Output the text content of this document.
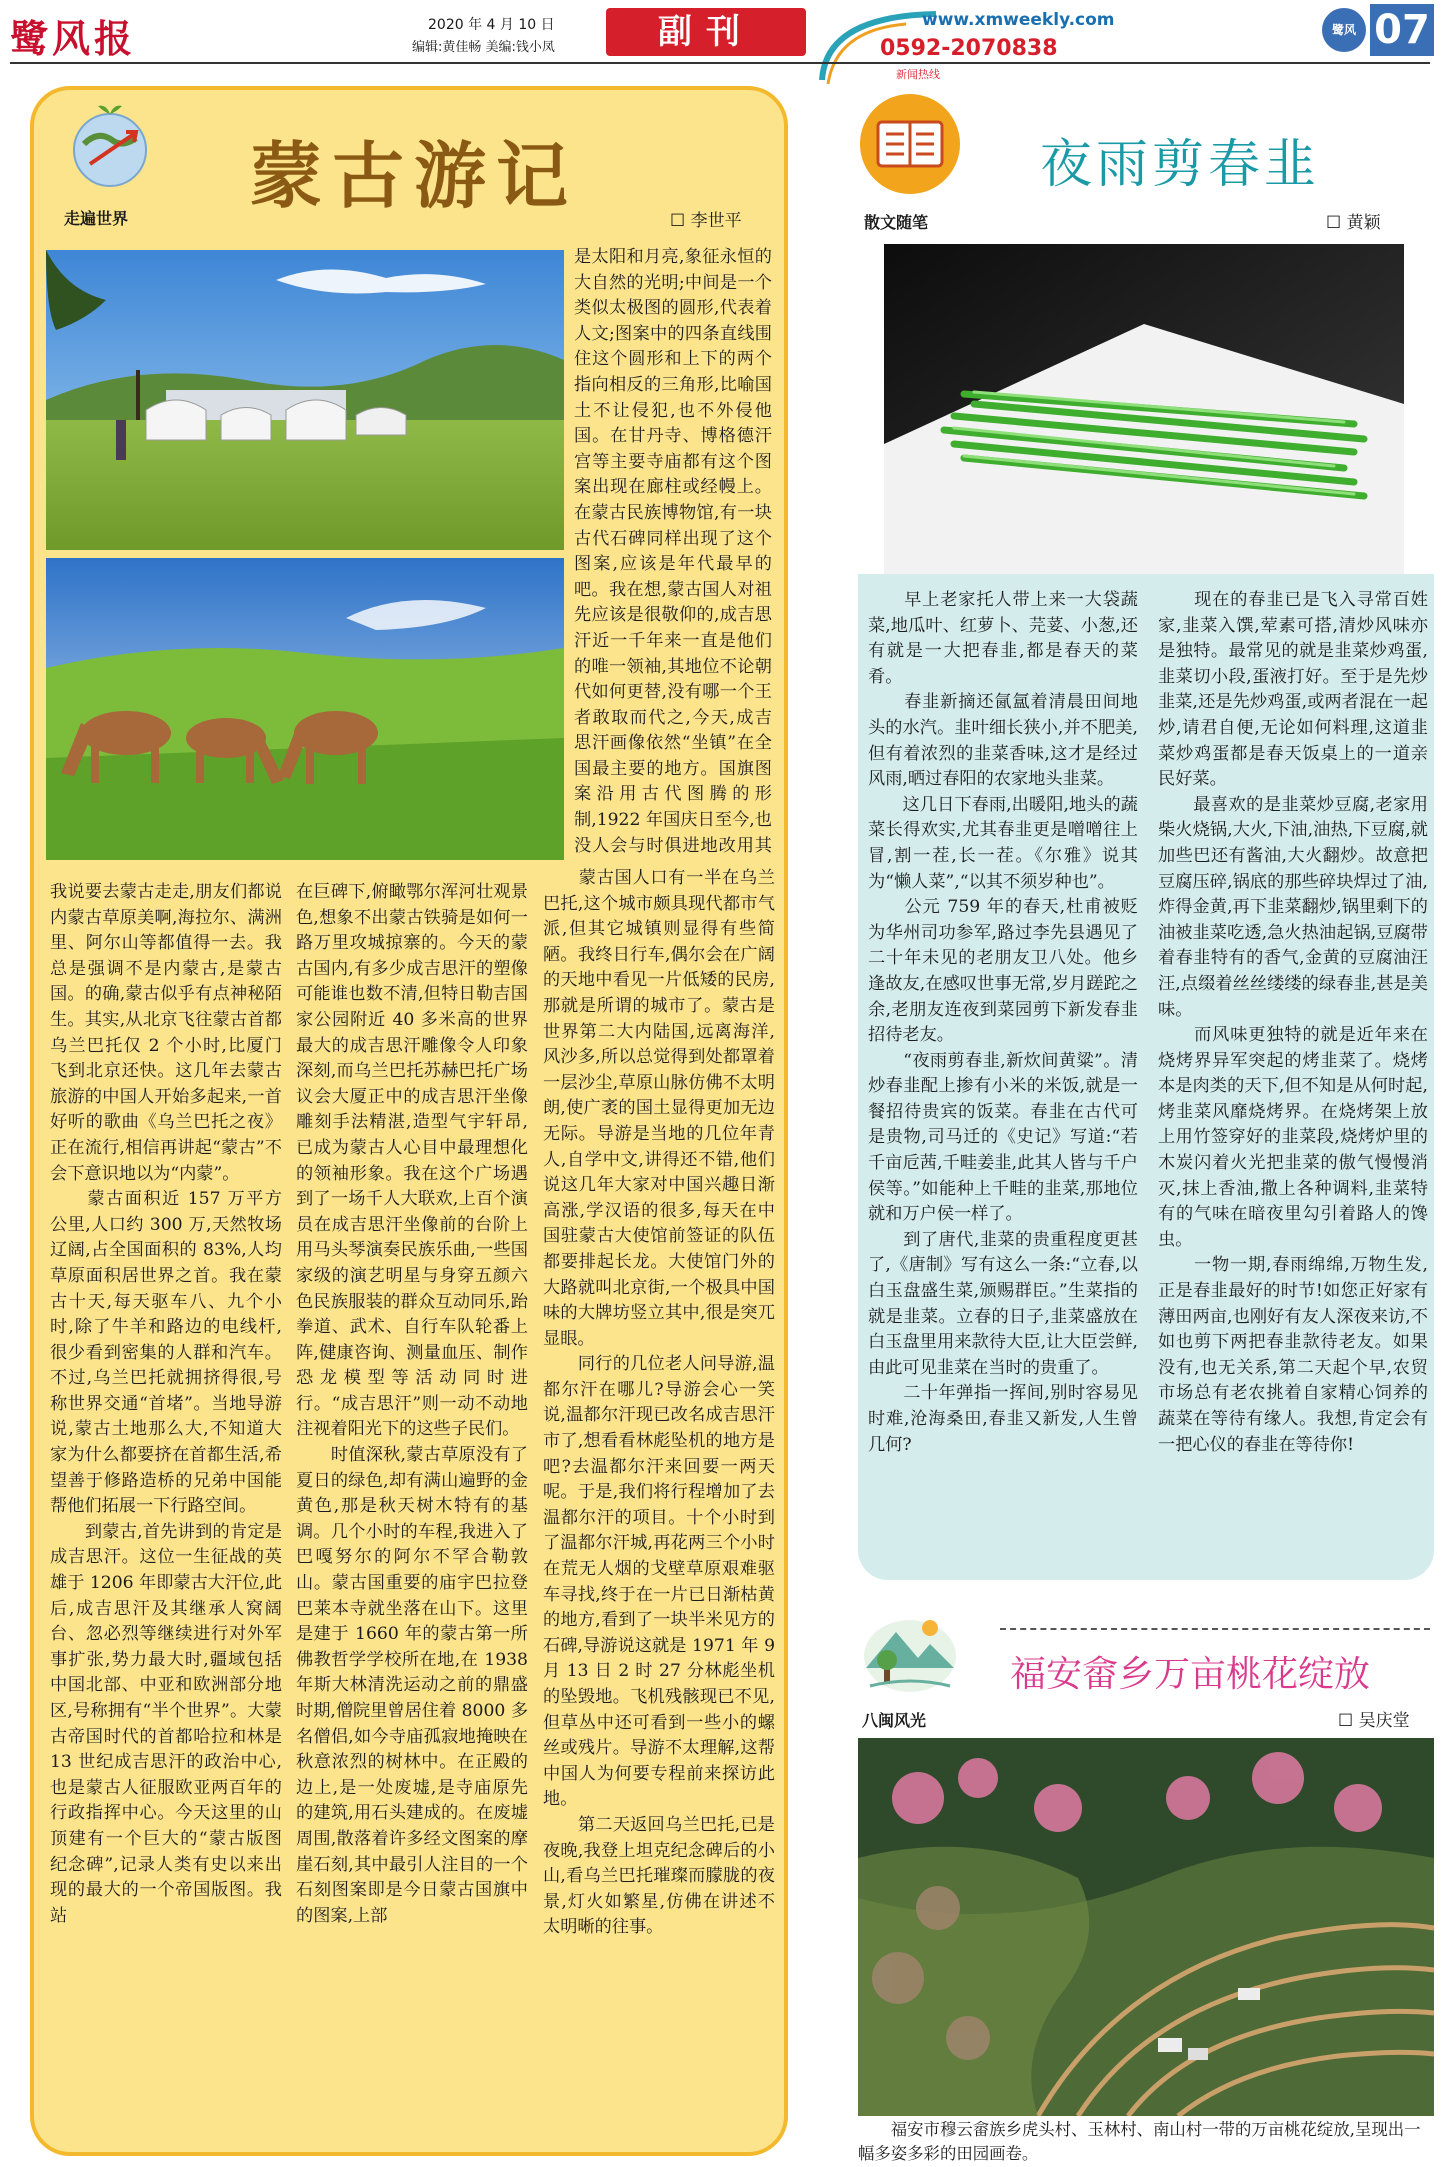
鹭风报	2020 年 4 月 10 日
编辑:黄佳畅 美编:钱小凤	副刊	www.xmweekly.com
0592-2070838
新闻热线
鹭风 07
蒙古游记
走遍世界	☐ 李世平
是太阳和月亮,象征永恒的大自然的光明;中间是一个类似太极图的圆形,代表着人文;图案中的四条直线围住这个圆形和上下的两个指向相反的三角形,比喻国土不让侵犯,也不外侵他国。在甘丹寺、博格德汗宫等主要寺庙都有这个图案出现在廊柱或经幔上。在蒙古民族博物馆,有一块古代石碑同样出现了这个图案,应该是年代最早的吧。我在想,蒙古国人对祖先应该是很敬仰的,成吉思汗近一千年来一直是他们的唯一领袖,其地位不论朝代如何更替,没有哪一个王者敢取而代之,今天,成吉思汗画像依然“坐镇”在全国最主要的地方。国旗图案沿用古代图腾的形制,1922 年国庆日至今,也没人会与时俱进地改用其
我说要去蒙古走走,朋友们都说内蒙古草原美啊,海拉尔、满洲里、阿尔山等都值得一去。我总是强调不是内蒙古,是蒙古国。的确,蒙古似乎有点神秘陌生。其实,从北京飞往蒙古首都乌兰巴托仅 2 个小时,比厦门飞到北京还快。这几年去蒙古旅游的中国人开始多起来,一首好听的歌曲《乌兰巴托之夜》正在流行,相信再讲起“蒙古”不会下意识地以为“内蒙”。
　　蒙古面积近 157 万平方公里,人口约 300 万,天然牧场辽阔,占全国面积的 83%,人均草原面积居世界之首。我在蒙古十天,每天驱车八、九个小时,除了牛羊和路边的电线杆,很少看到密集的人群和汽车。不过,乌兰巴托就拥挤得很,号称世界交通“首堵”。当地导游说,蒙古土地那么大,不知道大家为什么都要挤在首都生活,希望善于修路造桥的兄弟中国能帮他们拓展一下行路空间。
　　到蒙古,首先讲到的肯定是成吉思汗。这位一生征战的英雄于 1206 年即蒙古大汗位,此后,成吉思汗及其继承人窝阔台、忽必烈等继续进行对外军事扩张,势力最大时,疆域包括中国北部、中亚和欧洲部分地区,号称拥有“半个世界”。大蒙古帝国时代的首都哈拉和林是 13 世纪成吉思汗的政治中心,也是蒙古人征服欧亚两百年的行政指挥中心。今天这里的山顶建有一个巨大的“蒙古版图纪念碑”,记录人类有史以来出现的最大的一个帝国版图。我站
在巨碑下,俯瞰鄂尔浑河壮观景色,想象不出蒙古铁骑是如何一路万里攻城掠寨的。今天的蒙古国内,有多少成吉思汗的塑像可能谁也数不清,但特日勒吉国家公园附近 40 多米高的世界最大的成吉思汗雕像令人印象深刻,而乌兰巴托苏赫巴托广场议会大厦正中的成吉思汗坐像雕刻手法精湛,造型气宇轩昂,已成为蒙古人心目中最理想化的领袖形象。我在这个广场遇到了一场千人大联欢,上百个演员在成吉思汗坐像前的台阶上用马头琴演奏民族乐曲,一些国家级的演艺明星与身穿五颜六色民族服装的群众互动同乐,跆拳道、武术、自行车队轮番上阵,健康咨询、测量血压、制作恐龙模型等活动同时进行。“成吉思汗”则一动不动地注视着阳光下的这些子民们。
　　时值深秋,蒙古草原没有了夏日的绿色,却有满山遍野的金黄色,那是秋天树木特有的基调。几个小时的车程,我进入了巴嘎努尔的阿尔不罕合勒敦山。蒙古国重要的庙宇巴拉登巴莱本寺就坐落在山下。这里是建于 1660 年的蒙古第一所佛教哲学学校所在地,在 1938 年斯大林清洗运动之前的鼎盛时期,僧院里曾居住着 8000 多名僧侣,如今寺庙孤寂地掩映在秋意浓烈的树林中。在正殿的边上,是一处废墟,是寺庙原先的建筑,用石头建成的。在废墟周围,散落着许多经文图案的摩崖石刻,其中最引人注目的一个石刻图案即是今日蒙古国旗中的图案,上部
　　蒙古国人口有一半在乌兰巴托,这个城市颇具现代都市气派,但其它城镇则显得有些简陋。我终日行车,偶尔会在广阔的天地中看见一片低矮的民房,那就是所谓的城市了。蒙古是世界第二大内陆国,远离海洋,风沙多,所以总觉得到处都罩着一层沙尘,草原山脉仿佛不太明朗,使广袤的国土显得更加无边无际。导游是当地的几位年青人,自学中文,讲得还不错,他们说这几年大家对中国兴趣日渐高涨,学汉语的很多,每天在中国驻蒙古大使馆前签证的队伍都要排起长龙。大使馆门外的大路就叫北京街,一个极具中国味的大牌坊竖立其中,很是突兀显眼。
　　同行的几位老人问导游,温都尔汗在哪儿?导游会心一笑说,温都尔汗现已改名成吉思汗市了,想看看林彪坠机的地方是吧?去温都尔汗来回要一两天呢。于是,我们将行程增加了去温都尔汗的项目。十个小时到了温都尔汗城,再花两三个小时在荒无人烟的戈壁草原艰难驱车寻找,终于在一片已日渐枯黄的地方,看到了一块半米见方的石碑,导游说这就是 1971 年 9 月 13 日 2 时 27 分林彪坐机的坠毁地。飞机残骸现已不见,但草丛中还可看到一些小的螺丝或残片。导游不太理解,这帮中国人为何要专程前来探访此地。
　　第二天返回乌兰巴托,已是夜晚,我登上坦克纪念碑后的小山,看乌兰巴托璀璨而朦胧的夜景,灯火如繁星,仿佛在讲述不太明晰的往事。
夜雨剪春韭
散文随笔	☐ 黄颖
　　早上老家托人带上来一大袋蔬菜,地瓜叶、红萝卜、芫荽、小葱,还有就是一大把春韭,都是春天的菜肴。
　　春韭新摘还氤氲着清晨田间地头的水汽。韭叶细长狭小,并不肥美,但有着浓烈的韭菜香味,这才是经过风雨,晒过春阳的农家地头韭菜。
　　这几日下春雨,出暖阳,地头的蔬菜长得欢实,尤其春韭更是噌噌往上冒,割一茬,长一茬。《尔雅》说其为“懒人菜”,“以其不须岁种也”。
　　公元 759 年的春天,杜甫被贬为华州司功参军,路过李先县遇见了二十年未见的老朋友卫八处。他乡逢故友,在感叹世事无常,岁月蹉跎之余,老朋友连夜到菜园剪下新发春韭招待老友。
　　“夜雨剪春韭,新炊间黄粱”。清炒春韭配上掺有小米的米饭,就是一餐招待贵宾的饭菜。春韭在古代可是贵物,司马迁的《史记》写道:“若千亩卮茜,千畦姜韭,此其人皆与千户侯等。”如能种上千畦的韭菜,那地位就和万户侯一样了。
　　到了唐代,韭菜的贵重程度更甚了,《唐制》写有这么一条:“立春,以白玉盘盛生菜,颁赐群臣。”生菜指的就是韭菜。立春的日子,韭菜盛放在白玉盘里用来款待大臣,让大臣尝鲜,由此可见韭菜在当时的贵重了。
　　二十年弹指一挥间,别时容易见时难,沧海桑田,春韭又新发,人生曾几何?
　　现在的春韭已是飞入寻常百姓家,韭菜入馔,荤素可搭,清炒风味亦是独特。最常见的就是韭菜炒鸡蛋,韭菜切小段,蛋液打好。至于是先炒韭菜,还是先炒鸡蛋,或两者混在一起炒,请君自便,无论如何料理,这道韭菜炒鸡蛋都是春天饭桌上的一道亲民好菜。
　　最喜欢的是韭菜炒豆腐,老家用柴火烧锅,大火,下油,油热,下豆腐,就加些巴还有酱油,大火翻炒。故意把豆腐压碎,锅底的那些碎块焊过了油,炸得金黄,再下韭菜翻炒,锅里剩下的油被韭菜吃透,急火热油起锅,豆腐带着春韭特有的香气,金黄的豆腐油汪汪,点缀着丝丝缕缕的绿春韭,甚是美味。
　　而风味更独特的就是近年来在烧烤界异军突起的烤韭菜了。烧烤本是肉类的天下,但不知是从何时起,烤韭菜风靡烧烤界。在烧烤架上放上用竹签穿好的韭菜段,烧烤炉里的木炭闪着火光把韭菜的傲气慢慢消灭,抹上香油,撒上各种调料,韭菜特有的气味在暗夜里勾引着路人的馋虫。
　　一物一期,春雨绵绵,万物生发,正是春韭最好的时节!如您正好家有薄田两亩,也刚好有友人深夜来访,不如也剪下两把春韭款待老友。如果没有,也无关系,第二天起个早,农贸市场总有老农挑着自家精心饲养的蔬菜在等待有缘人。我想,肯定会有一把心仪的春韭在等待你!
八闽风光
福安畲乡万亩桃花绽放
☐ 吴庆堂
　　福安市穆云畲族乡虎头村、玉林村、南山村一带的万亩桃花绽放,呈现出一幅多姿多彩的田园画卷。
